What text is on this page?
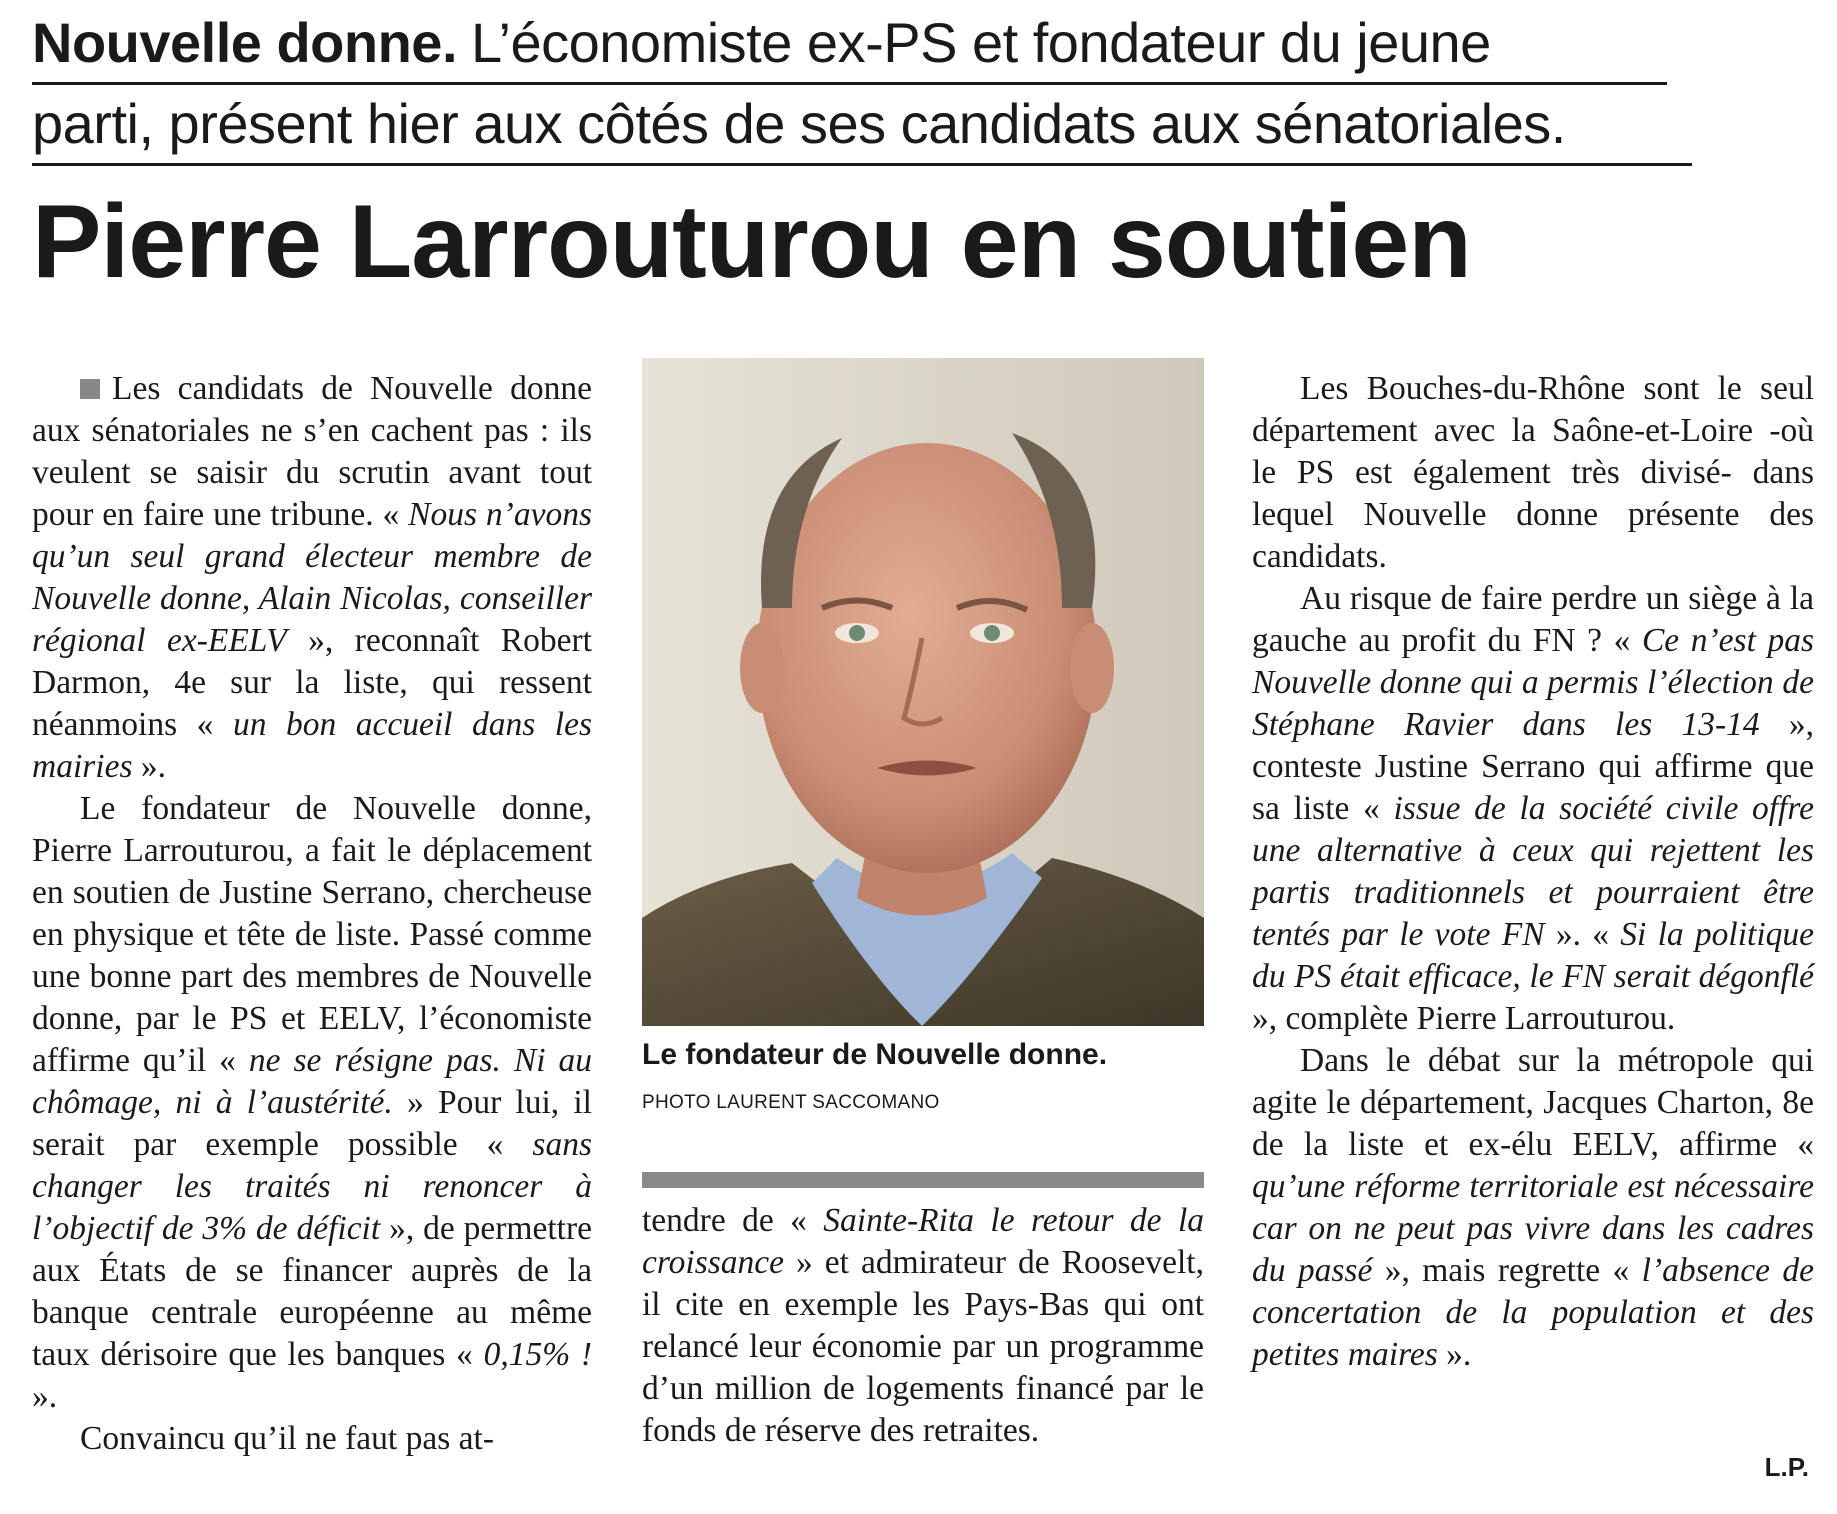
Nouvelle donne. L’économiste ex-PS et fondateur du jeune
parti, présent hier aux côtés de ses candidats aux sénatoriales.
Pierre Larrouturou en soutien

Les candidats de Nouvelle donne aux sénatoriales ne s’en cachent pas : ils veulent se saisir du scrutin avant tout pour en faire une tribune. « Nous n’avons qu’un seul grand électeur membre de Nouvelle donne, Alain Nicolas, conseiller régional ex-EELV », reconnaît Robert Darmon, 4e sur la liste, qui ressent néanmoins « un bon accueil dans les mairies ».

Le fondateur de Nouvelle donne, Pierre Larrouturou, a fait le déplacement en soutien de Justine Serrano, chercheuse en physique et tête de liste. Passé comme une bonne part des membres de Nouvelle donne, par le PS et EELV, l’économiste affirme qu’il « ne se résigne pas. Ni au chômage, ni à l’austérité. » Pour lui, il serait par exemple possible « sans changer les traités ni renoncer à l’objectif de 3% de déficit », de permettre aux États de se financer auprès de la banque centrale européenne au même taux dérisoire que les banques « 0,15% ! ».

Convaincu qu’il ne faut pas at-

Le fondateur de Nouvelle donne.
PHOTO LAURENT SACCOMANO

tendre de « Sainte-Rita le retour de la croissance » et admirateur de Roosevelt, il cite en exemple les Pays-Bas qui ont relancé leur économie par un programme d’un million de logements financé par le fonds de réserve des retraites.

Les Bouches-du-Rhône sont le seul département avec la Saône-et-Loire -où le PS est également très divisé- dans lequel Nouvelle donne présente des candidats.

Au risque de faire perdre un siège à la gauche au profit du FN ? « Ce n’est pas Nouvelle donne qui a permis l’élection de Stéphane Ravier dans les 13-14 », conteste Justine Serrano qui affirme que sa liste « issue de la société civile offre une alternative à ceux qui rejettent les partis traditionnels et pourraient être tentés par le vote FN ». « Si la politique du PS était efficace, le FN serait dégonflé », complète Pierre Larrouturou.

Dans le débat sur la métropole qui agite le département, Jacques Charton, 8e de la liste et ex-élu EELV, affirme « qu’une réforme territoriale est nécessaire car on ne peut pas vivre dans les cadres du passé », mais regrette « l’absence de concertation de la population et des petites maires ».

L.P.
